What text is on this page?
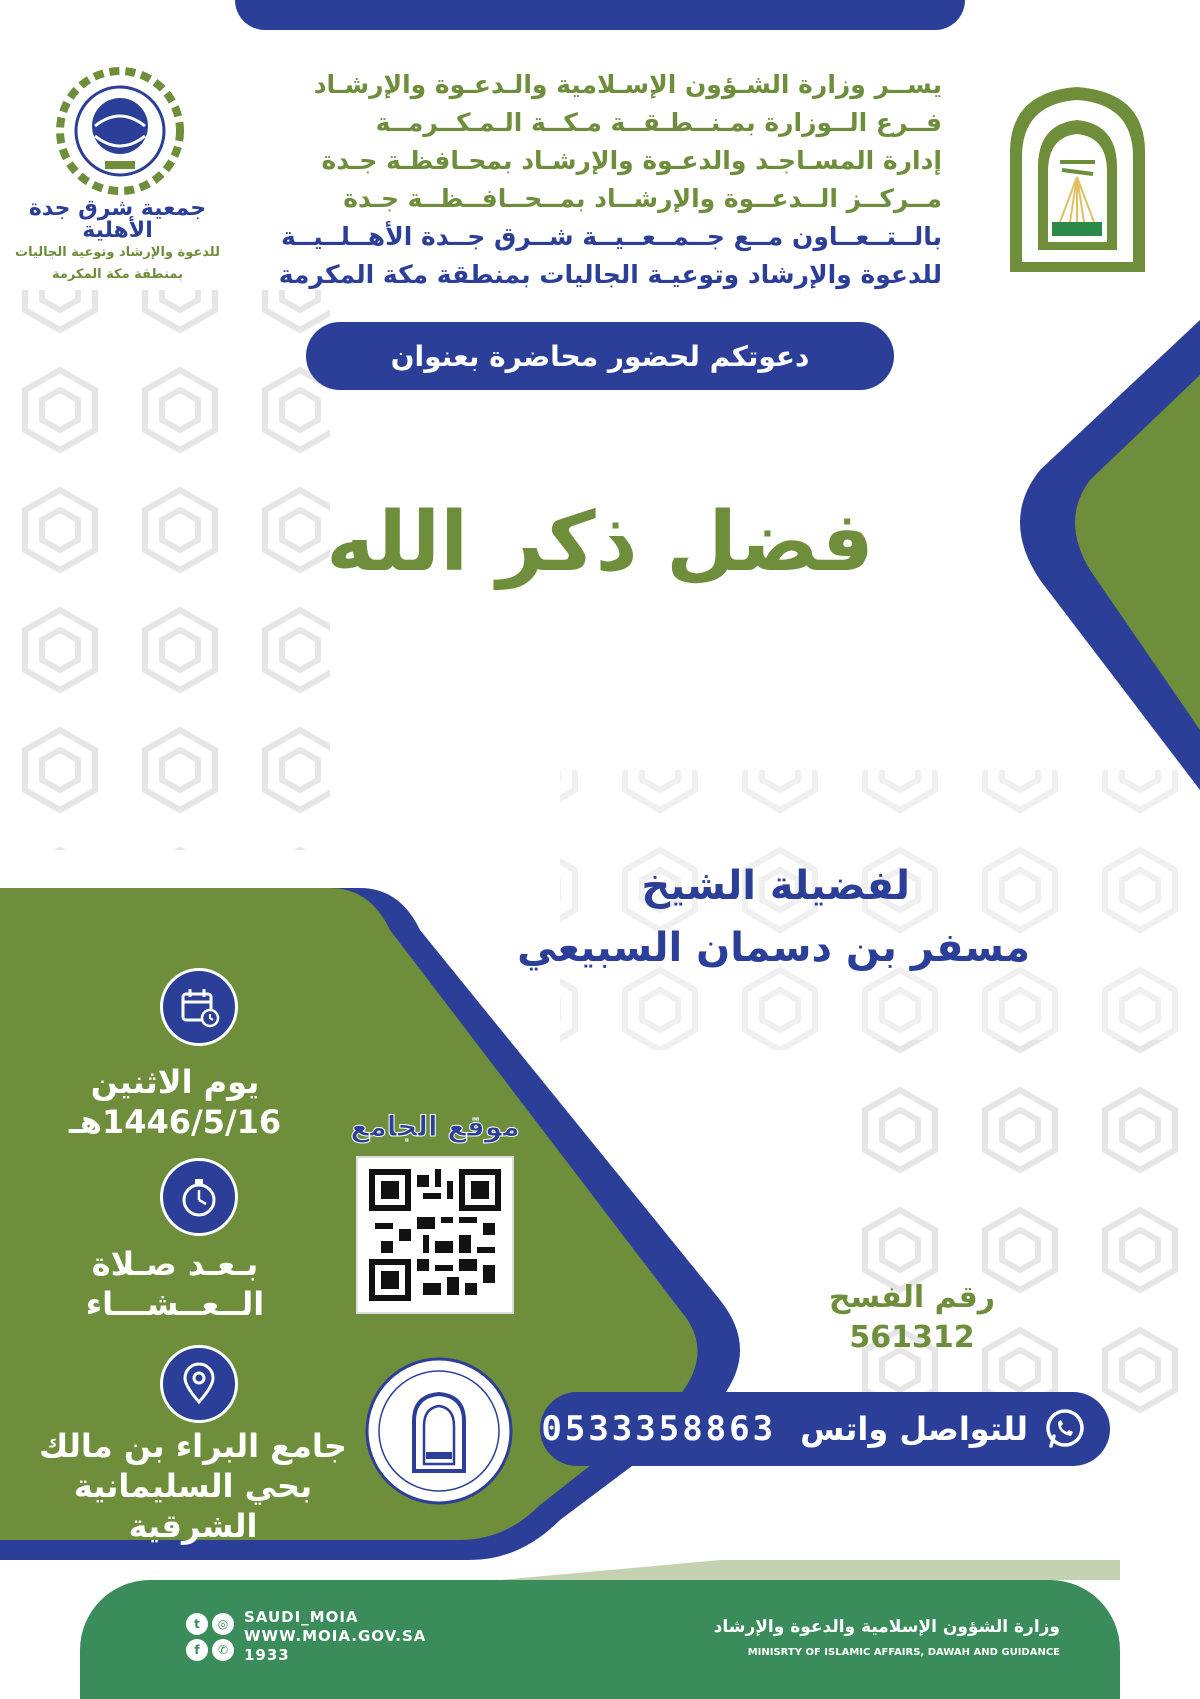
جمعية شرق جدة الأهلية
للدعوة والإرشاد وتوعية الجاليات
بمنطقة مكة المكرمة
يســر وزارة الشـؤون الإسـلامية والـدعـوة والإرشـاد
فــرع الــوزارة بمـنــطـقــة مـكــة الـمـكــرمــة
إدارة المسـاجـد والدعـوة والإرشـاد بمحـافظـة جـدة
مــركــز الــدعــوة والإرشــاد بمــحــافــظــة جـدة
بالــتــعــاون مــع جــمــعــيــة شــرق جــدة الأهــلــيــة
للدعوة والإرشاد وتوعيـة الجاليات بمنطقة مكة المكرمة
دعوتكم لحضور محاضرة بعنوان
فضل ذكر الله
لفضيلة الشيخ
مسفر بن دسمان السبيعي
يوم الاثنين
1446/5/16هـ
بـعـد صـلاة
الــعــشـــاء
جامع البراء بن مالك
بحي السليمانية الشرقية
موقع الجامع
رقم الفسح
561312
للتواصل واتس
0533358863
وزارة الشؤون الإسلامية والدعوة والإرشاد
MINISRTY OF ISLAMIC AFFAIRS, DAWAH AND GUIDANCE
t	◎
f	✆
SAUDI_MOIA
WWW.MOIA.GOV.SA
1933
